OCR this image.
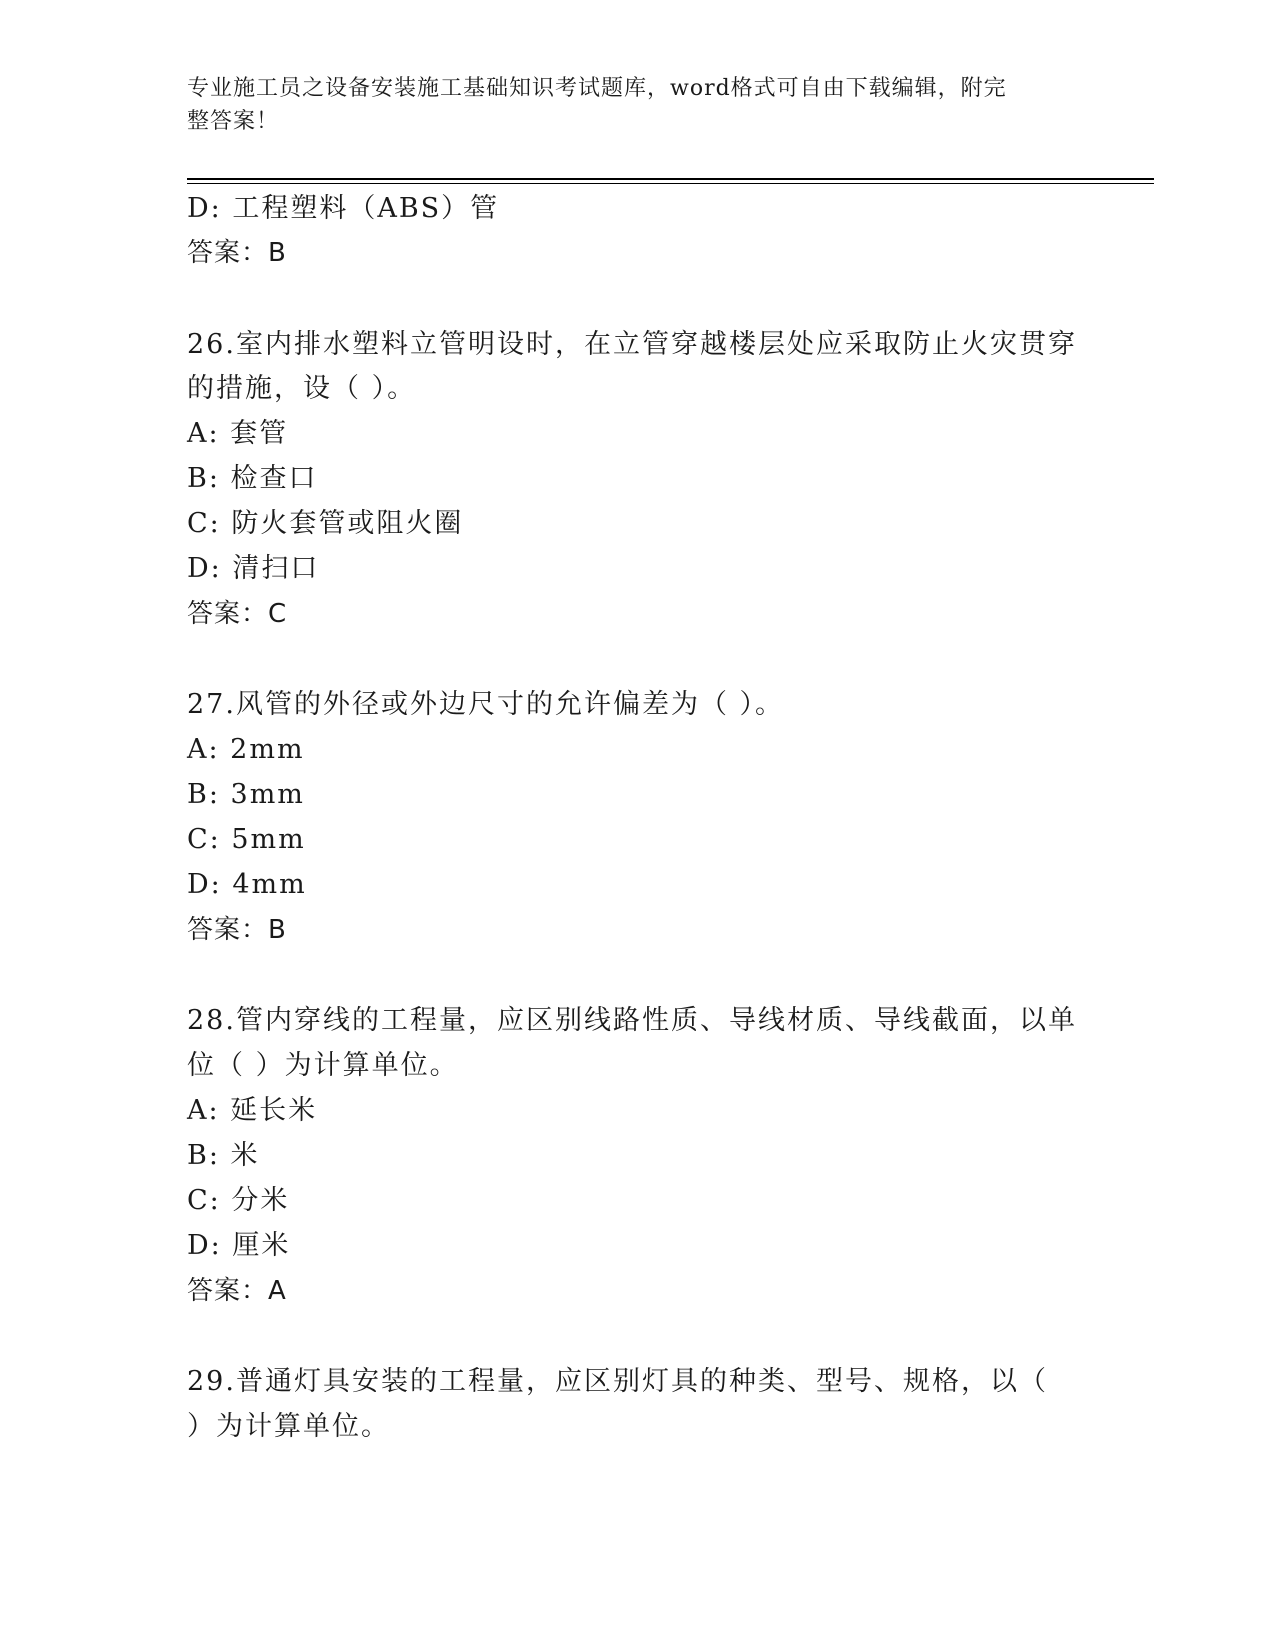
专业施工员之设备安装施工基础知识考试题库，word格式可自由下载编辑，附完
整答案！
D: 工程塑料（ABS）管
答案：B
26.室内排水塑料立管明设时，在立管穿越楼层处应采取防止火灾贯穿
的措施，设（ ）。
A: 套管
B: 检查口
C: 防火套管或阻火圈
D: 清扫口
答案：C
27.风管的外径或外边尺寸的允许偏差为（ ）。
A: 2mm
B: 3mm
C: 5mm
D: 4mm
答案：B
28.管内穿线的工程量，应区别线路性质、导线材质、导线截面，以单
位（ ）为计算单位。
A: 延长米
B: 米
C: 分米
D: 厘米
答案：A
29.普通灯具安装的工程量，应区别灯具的种类、型号、规格，以（
）为计算单位。
